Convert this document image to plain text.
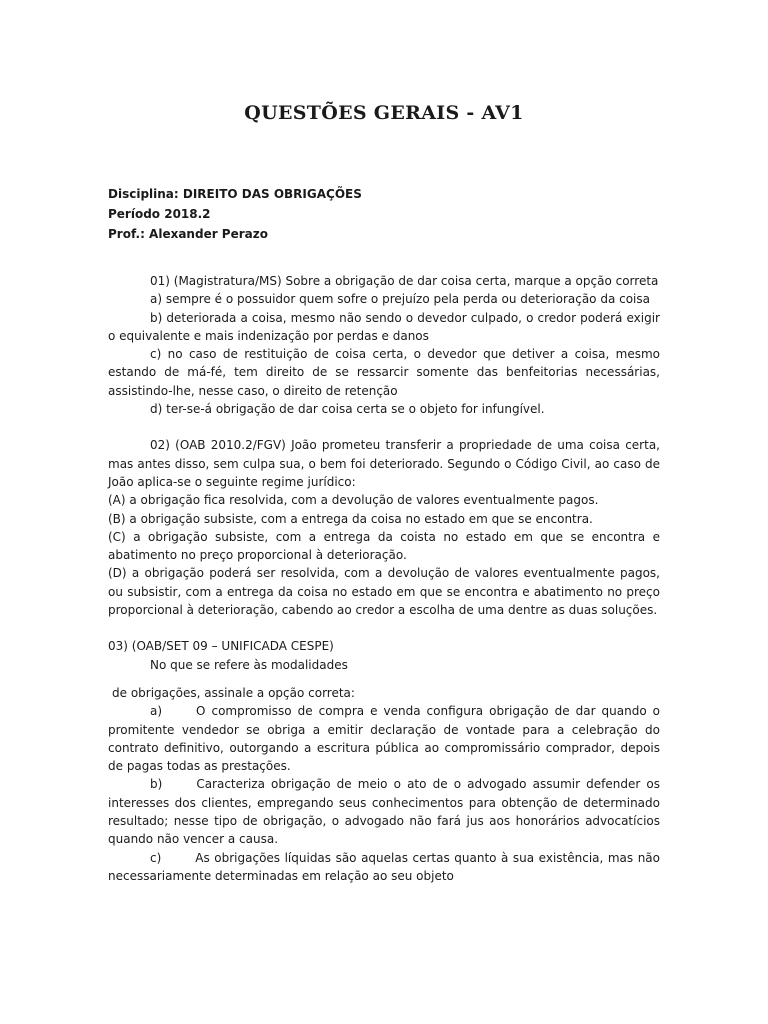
QUESTÕES GERAIS - AV1
Disciplina: DIREITO DAS OBRIGAÇÕES
Período 2018.2
Prof.: Alexander Perazo

01) (Magistratura/MS) Sobre a obrigação de dar coisa certa, marque a opção correta

a) sempre é o possuidor quem sofre o prejuízo pela perda ou deterioração da coisa

b) deteriorada a coisa, mesmo não sendo o devedor culpado, o credor poderá exigir o equivalente e mais indenização por perdas e danos

c) no caso de restituição de coisa certa, o devedor que detiver a coisa, mesmo estando de má-fé, tem direito de se ressarcir somente das benfeitorias necessárias, assistindo-lhe, nesse caso, o direito de retenção

d) ter-se-á obrigação de dar coisa certa se o objeto for infungível.

02) (OAB 2010.2/FGV) João prometeu transferir a propriedade de uma coisa certa, mas antes disso, sem culpa sua, o bem foi deteriorado. Segundo o Código Civil, ao caso de João aplica-se o seguinte regime jurídico:

(A) a obrigação fica resolvida, com a devolução de valores eventualmente pagos.

(B) a obrigação subsiste, com a entrega da coisa no estado em que se encontra.

(C) a obrigação subsiste, com a entrega da coista no estado em que se encontra e abatimento no preço proporcional à deterioração.

(D) a obrigação poderá ser resolvida, com a devolução de valores eventualmente pagos, ou subsistir, com a entrega da coisa no estado em que se encontra e abatimento no preço proporcional à deterioração, cabendo ao credor a escolha de uma dentre as duas soluções.

03) (OAB/SET 09 – UNIFICADA CESPE)

No que se refere às modalidades

de obrigações, assinale a opção correta:

a)	O compromisso de compra e venda configura obrigação de dar quando o promitente vendedor se obriga a emitir declaração de vontade para a celebração do contrato definitivo, outorgando a escritura pública ao compromissário comprador, depois de pagas todas as prestações.

b)	Caracteriza obrigação de meio o ato de o advogado assumir defender os interesses dos clientes, empregando seus conhecimentos para obtenção de determinado resultado; nesse tipo de obrigação, o advogado não fará jus aos honorários advocatícios quando não vencer a causa.

c)	As obrigações líquidas são aquelas certas quanto à sua existência, mas não necessariamente determinadas em relação ao seu objeto
